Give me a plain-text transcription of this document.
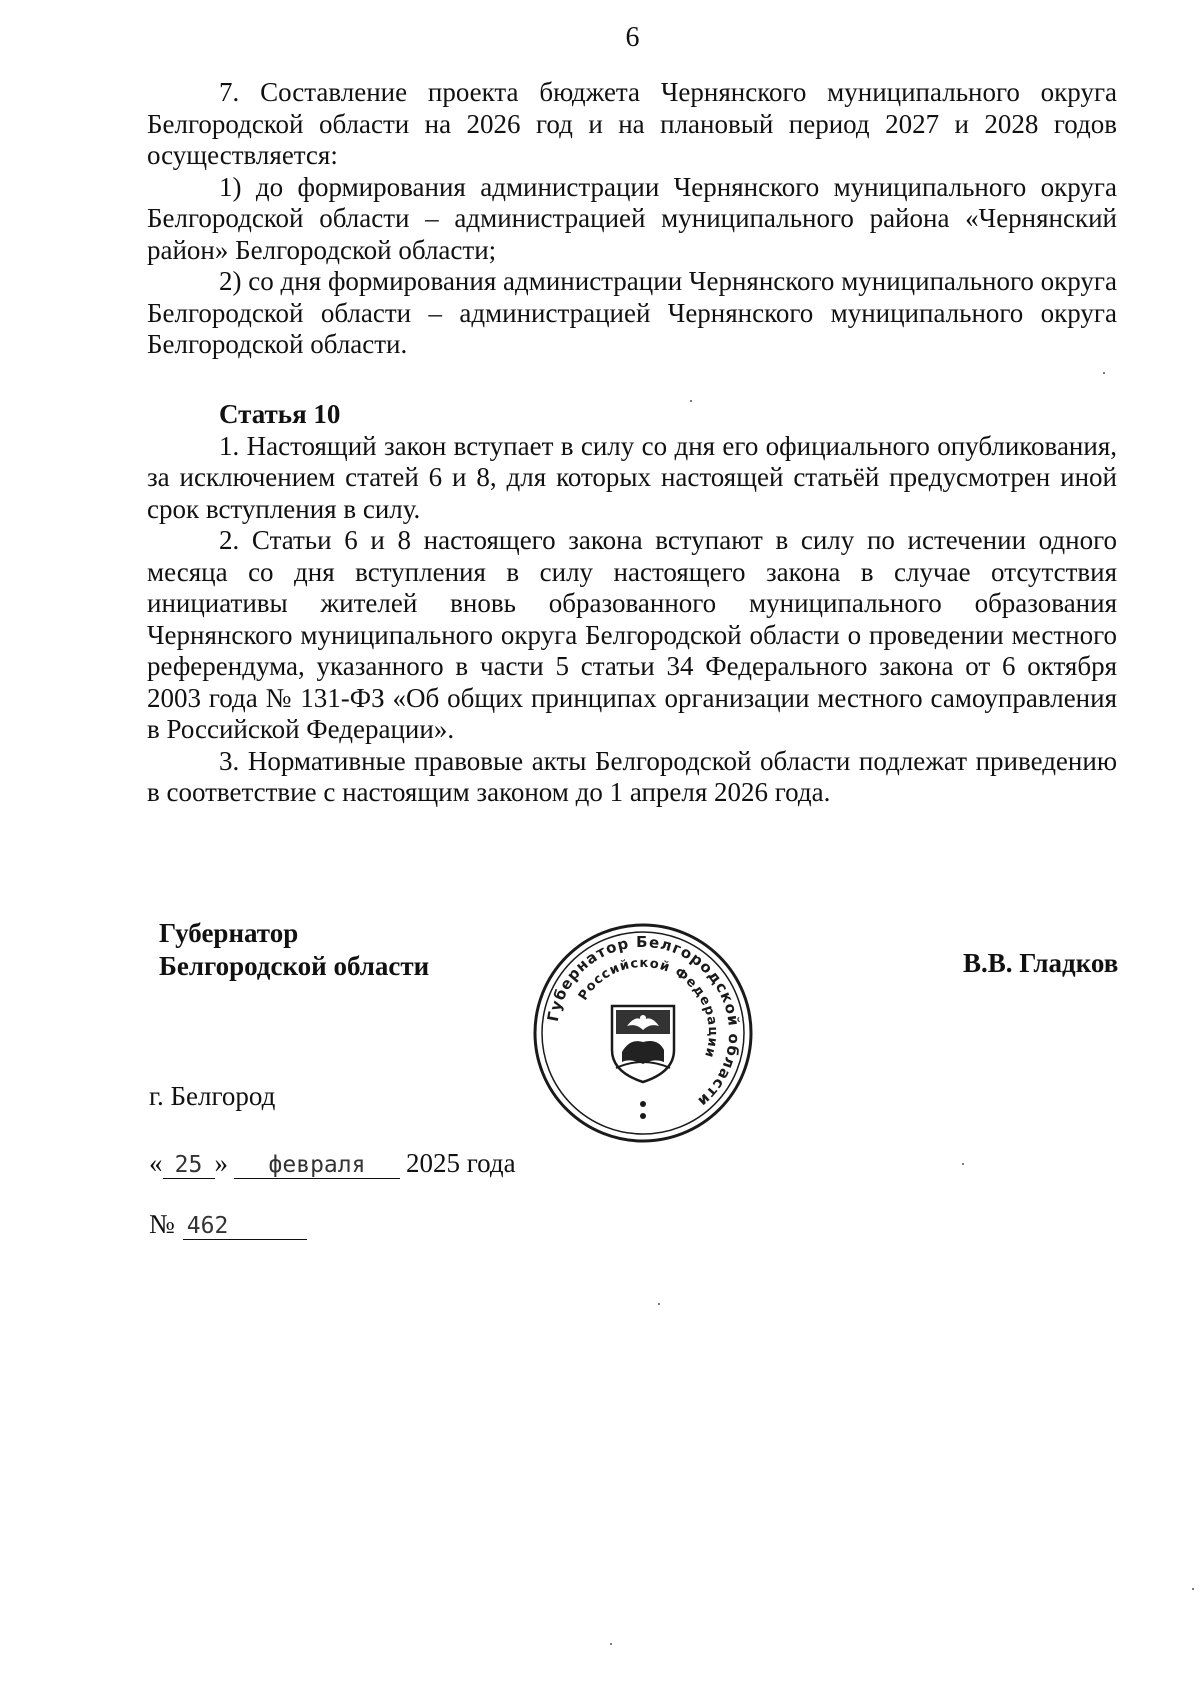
6

7. Составление проекта бюджета Чернянского муниципального округа Белгородской области на 2026 год и на плановый период 2027 и 2028 годов осуществляется:

1) до формирования администрации Чернянского муниципального округа Белгородской области – администрацией муниципального района «Чернянский район» Белгородской области;

2) со дня формирования администрации Чернянского муниципального округа Белгородской области – администрацией Чернянского муниципального округа Белгородской области.

Статья 10

1. Настоящий закон вступает в силу со дня его официального опубликования, за исключением статей 6 и 8, для которых настоящей статьёй предусмотрен иной срок вступления в силу.

2. Статьи 6 и 8 настоящего закона вступают в силу по истечении одного месяца со дня вступления в силу настоящего закона в случае отсутствия инициативы жителей вновь образованного муниципального образования Чернянского муниципального округа Белгородской области о проведении местного референдума, указанного в части 5 статьи 34 Федерального закона от 6 октября 2003 года № 131-ФЗ «Об общих принципах организации местного самоуправления в Российской Федерации».

3. Нормативные правовые акты Белгородской области подлежат приведению в соответствие с настоящим законом до 1 апреля 2026 года.

Губернатор
Белгородской области	В.В. Гладков
Губернатор Белгородской области
Российской Федерации
г. Белгород
« 25 » февраля 2025 года
№ 462
